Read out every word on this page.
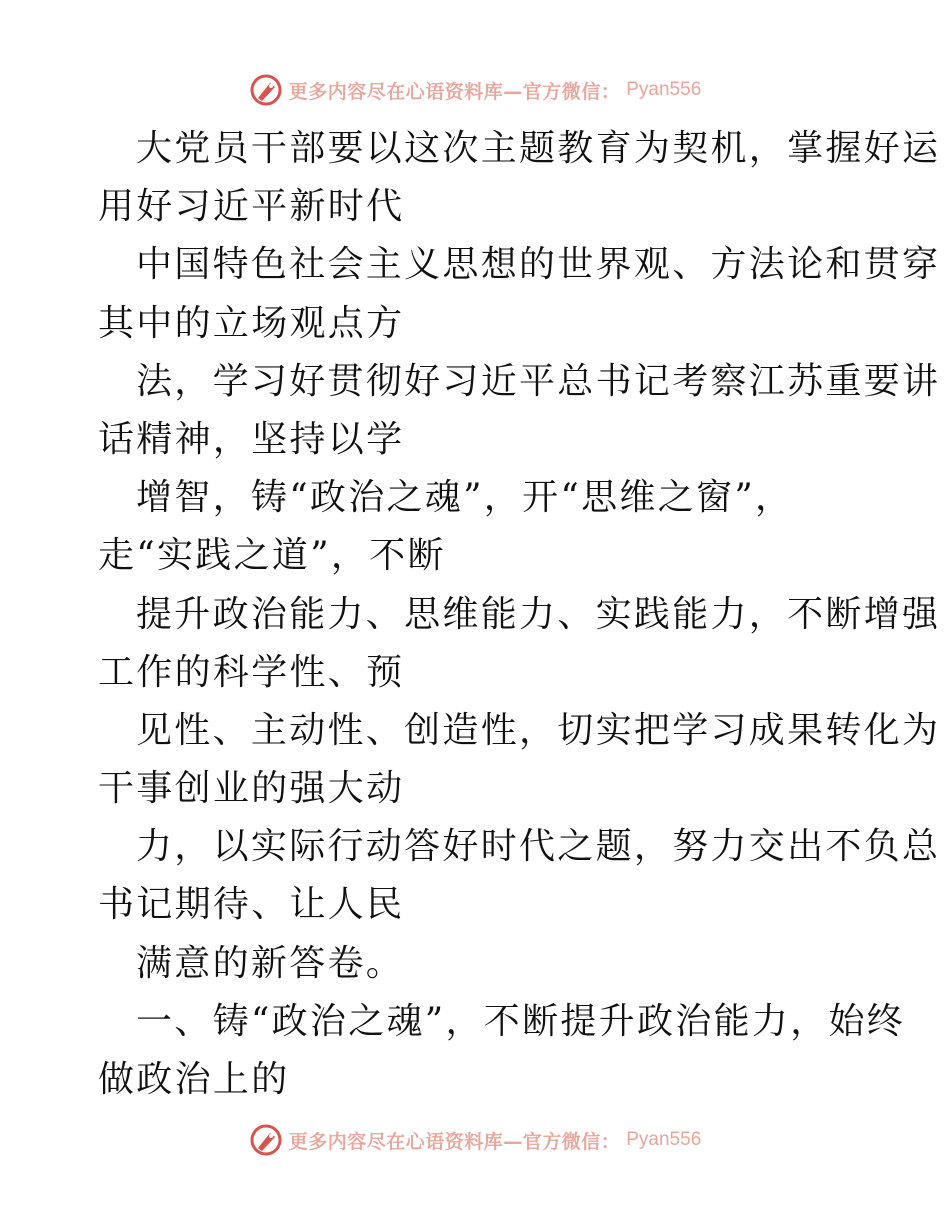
更多内容尽在心语资料库—官方微信： Pyan556
大党员干部要以这次主题教育为契机，掌握好运
用好习近平新时代
中国特色社会主义思想的世界观、方法论和贯穿
其中的立场观点方
法，学习好贯彻好习近平总书记考察江苏重要讲
话精神，坚持以学
增智，铸“政治之魂”，开“思维之窗”，
走“实践之道”，不断
提升政治能力、思维能力、实践能力，不断增强
工作的科学性、预
见性、主动性、创造性，切实把学习成果转化为
干事创业的强大动
力，以实际行动答好时代之题，努力交出不负总
书记期待、让人民
满意的新答卷。
一、铸“政治之魂”，不断提升政治能力，始终
做政治上的
更多内容尽在心语资料库—官方微信： Pyan556
